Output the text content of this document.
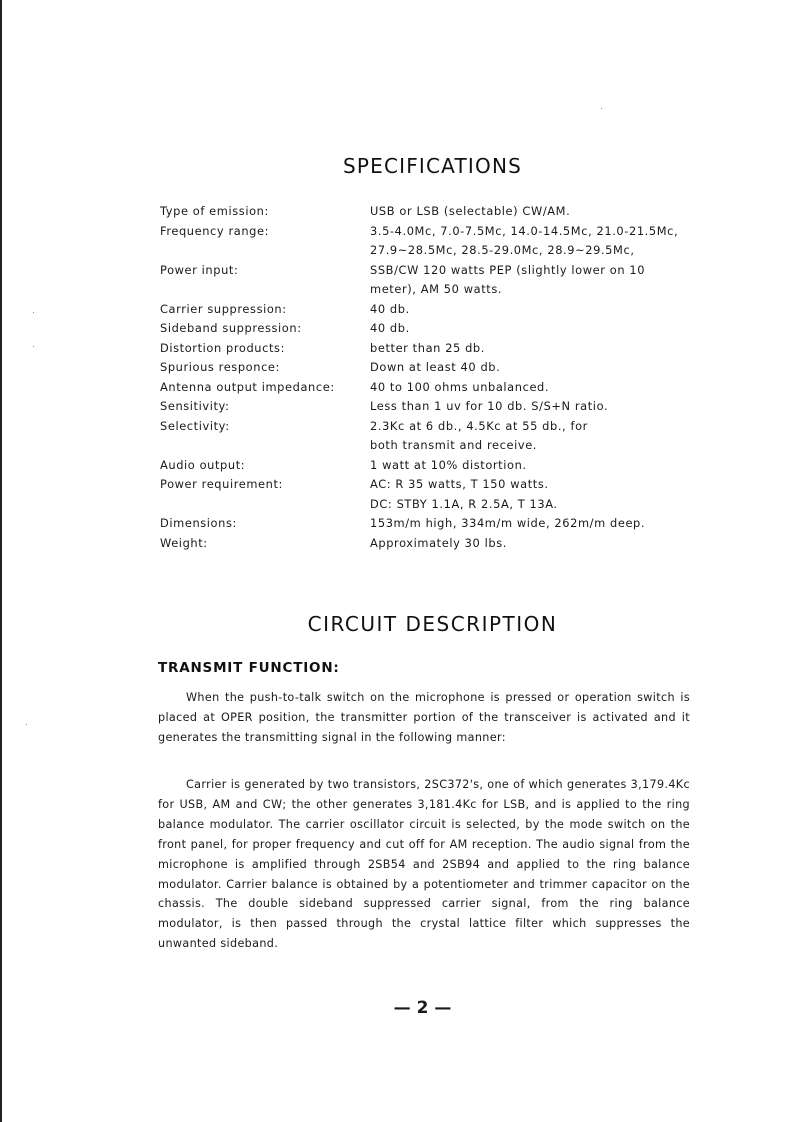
SPECIFICATIONS
Type of emission:	USB or LSB (selectable) CW/AM.
Frequency range:	3.5-4.0Mc, 7.0-7.5Mc, 14.0-14.5Mc, 21.0-21.5Mc,
27.9~28.5Mc, 28.5-29.0Mc, 28.9~29.5Mc,
Power input:	SSB/CW 120 watts PEP (slightly lower on 10
meter), AM 50 watts.
Carrier suppression:	40 db.
Sideband suppression:	40 db.
Distortion products:	better than 25 db.
Spurious responce:	Down at least 40 db.
Antenna output impedance:	40 to 100 ohms unbalanced.
Sensitivity:	Less than 1 uv for 10 db. S/S+N ratio.
Selectivity:	2.3Kc at 6 db., 4.5Kc at 55 db., for
both transmit and receive.
Audio output:	1 watt at 10% distortion.
Power requirement:	AC: R 35 watts, T 150 watts.
DC: STBY 1.1A, R 2.5A, T 13A.
Dimensions:	153m/m high, 334m/m wide, 262m/m deep.
Weight:	Approximately 30 lbs.
CIRCUIT DESCRIPTION
TRANSMIT FUNCTION:
When the push-to-talk switch on the microphone is pressed or operation switch is placed at OPER position, the transmitter portion of the transceiver is activated and it generates the transmitting signal in the following manner:
Carrier is generated by two transistors, 2SC372's, one of which generates 3,179.4Kc for USB, AM and CW; the other generates 3,181.4Kc for LSB, and is applied to the ring balance modulator. The carrier oscillator circuit is selected, by the mode switch on the front panel, for proper frequency and cut off for AM reception. The audio signal from the microphone is amplified through 2SB54 and 2SB94 and applied to the ring balance modulator. Carrier balance is obtained by a potentiometer and trimmer capacitor on the chassis. The double sideband suppressed carrier signal, from the ring balance modulator, is then passed through the crystal lattice filter which suppresses the unwanted sideband.
— 2 —
